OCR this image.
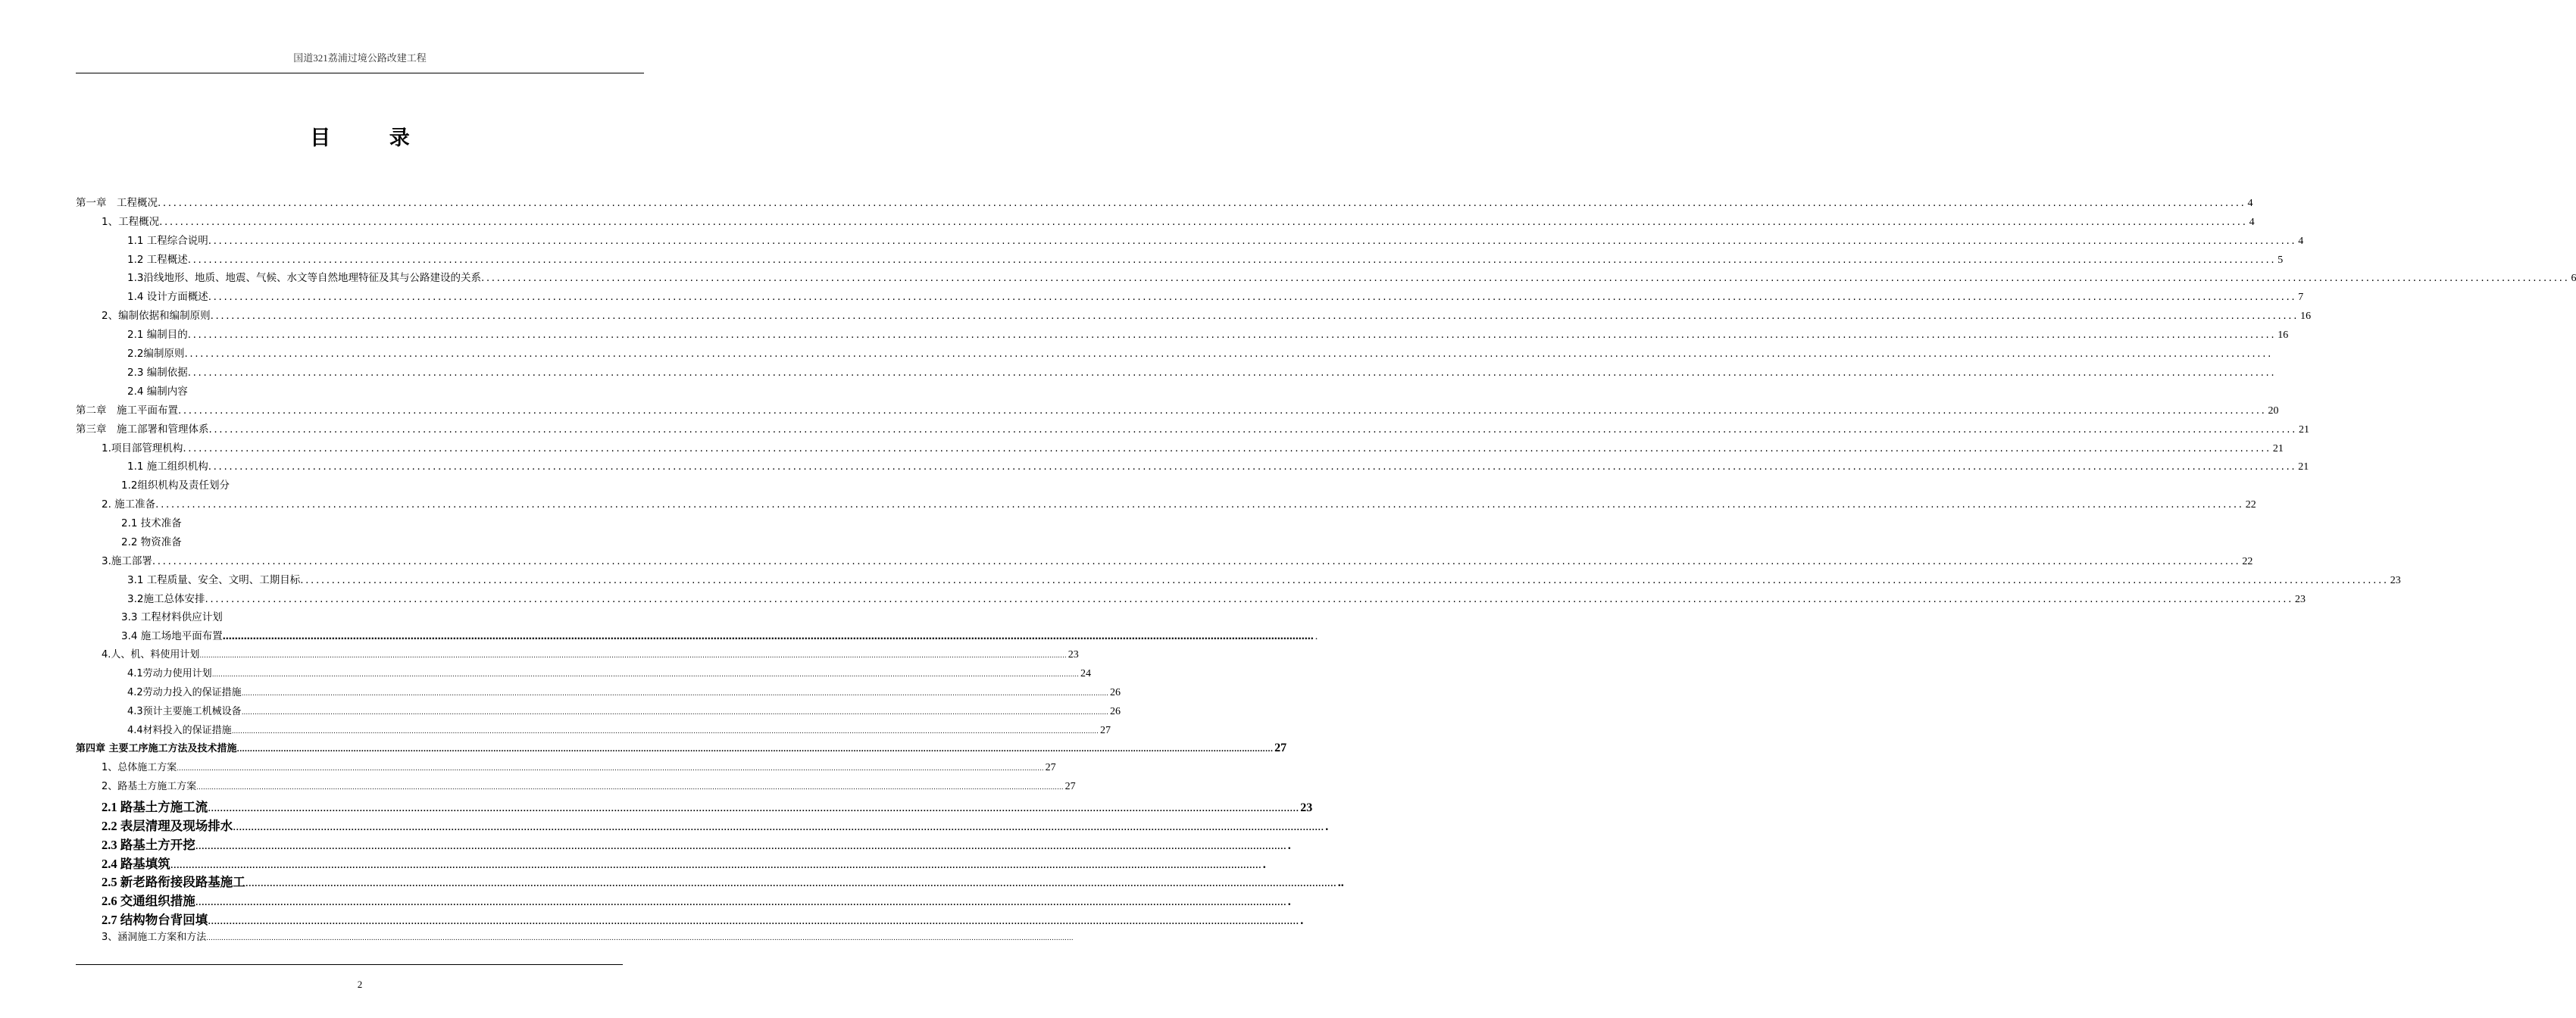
国道321荔浦过境公路改建工程
目 录
第一章　工程概况 ................................................................................................................................................................................................................................................................................................................................................................................................................ 4
1、工程概况 ................................................................................................................................................................................................................................................................................................................................................................................................................ 4
1.1 工程综合说明 ................................................................................................................................................................................................................................................................................................................................................................................................................ 4
1.2 工程概述 ................................................................................................................................................................................................................................................................................................................................................................................................................ 5
1.3沿线地形、地质、地震、气候、水文等自然地理特征及其与公路建设的关系 ................................................................................................................................................................................................................................................................................................................................................................................................................ 6
1.4 设计方面概述 ................................................................................................................................................................................................................................................................................................................................................................................................................ 7
2、编制依据和编制原则 ................................................................................................................................................................................................................................................................................................................................................................................................................ 16
2.1 编制目的 ................................................................................................................................................................................................................................................................................................................................................................................................................ 16
2.2编制原则 ................................................................................................................................................................................................................................................................................................................................................................................................................
2.3 编制依据 ................................................................................................................................................................................................................................................................................................................................................................................................................
2.4 编制内容
第二章　施工平面布置 ................................................................................................................................................................................................................................................................................................................................................................................................................ 20
第三章　施工部署和管理体系 ................................................................................................................................................................................................................................................................................................................................................................................................................ 21
1.项目部管理机构 ................................................................................................................................................................................................................................................................................................................................................................................................................ 21
1.1 施工组织机构 ................................................................................................................................................................................................................................................................................................................................................................................................................ 21
1.2组织机构及责任划分
2. 施工准备 ................................................................................................................................................................................................................................................................................................................................................................................................................ 22
2.1 技术准备
2.2 物资准备
3.施工部署 ................................................................................................................................................................................................................................................................................................................................................................................................................ 22
3.1 工程质量、安全、文明、工期目标 ................................................................................................................................................................................................................................................................................................................................................................................................................ 23
3.2施工总体安排 ................................................................................................................................................................................................................................................................................................................................................................................................................ 23
3.3 工程材料供应计划
3.4 施工场地平面布置 ……………………………………………………………………………………………………………………………………………………………………………………………………………………………………………………………………………………………………………………………… .
4.人、机、料使用计划 ................................................................................................................................................................................................................................................................................................................................................................................................................ 23
4.1劳动力使用计划 ................................................................................................................................................................................................................................................................................................................................................................................................................ 24
4.2劳动力投入的保证措施 ................................................................................................................................................................................................................................................................................................................................................................................................................ 26
4.3预计主要施工机械设备 ................................................................................................................................................................................................................................................................................................................................................................................................................ 26
4.4材料投入的保证措施 ................................................................................................................................................................................................................................................................................................................................................................................................................ 27
第四章 主要工序施工方法及技术措施 ................................................................................................................................................................................................................................................................................................................................................................................................................ 27
1、总体施工方案 ................................................................................................................................................................................................................................................................................................................................................................................................................ 27
2、路基土方施工方案 ................................................................................................................................................................................................................................................................................................................................................................................................................ 27
2.1 路基土方施工流 ……………………………………………………………………………………………………………………………………………………………………………………………………………………………………………………………………………………………………………………………… 23
2.2 表层清理及现场排水 ……………………………………………………………………………………………………………………………………………………………………………………………………………………………………………………………………………………………………………………………… .
2.3 路基土方开挖 ……………………………………………………………………………………………………………………………………………………………………………………………………………………………………………………………………………………………………………………………… .
2.4 路基填筑 ……………………………………………………………………………………………………………………………………………………………………………………………………………………………………………………………………………………………………………………………… .
2.5 新老路衔接段路基施工 ……………………………………………………………………………………………………………………………………………………………………………………………………………………………………………………………………………………………………………………………… ..
2.6 交通组织措施 ……………………………………………………………………………………………………………………………………………………………………………………………………………………………………………………………………………………………………………………………… .
2.7 结构物台背回填 ……………………………………………………………………………………………………………………………………………………………………………………………………………………………………………………………………………………………………………………………… .
3、涵洞施工方案和方法 ................................................................................................................................................................................................................................................................................................................................................................................................................
2
